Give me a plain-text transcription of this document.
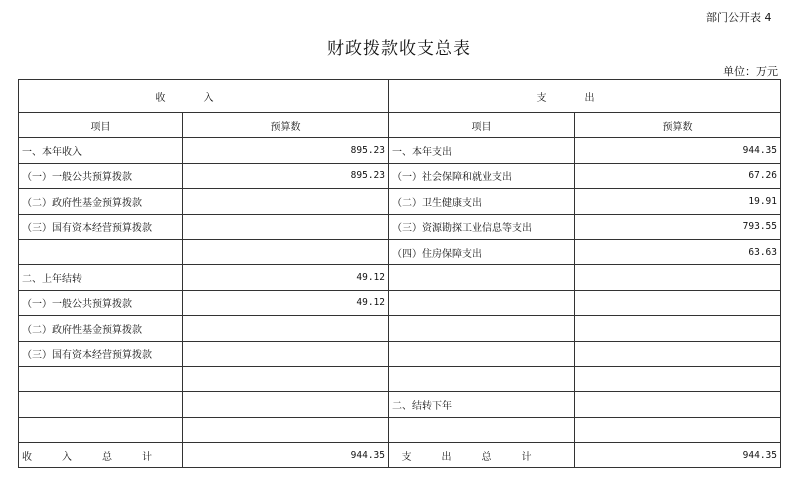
部门公开表 4
财政拨款收支总表
单位：万元
收入		支出	
项目	预算数	项目	预算数
一、本年收入	895.23	一、本年支出	944.35
（一）一般公共预算拨款	895.23	（一）社会保障和就业支出	67.26
（二）政府性基金预算拨款		（二）卫生健康支出	19.91
（三）国有资本经营预算拨款		（三）资源勘探工业信息等支出	793.55
		（四）住房保障支出	63.63
二、上年结转	49.12		
（一）一般公共预算拨款	49.12		
（二）政府性基金预算拨款			
（三）国有资本经营预算拨款			

		二、结转下年	

收入总计	944.35	支出总计	944.35
